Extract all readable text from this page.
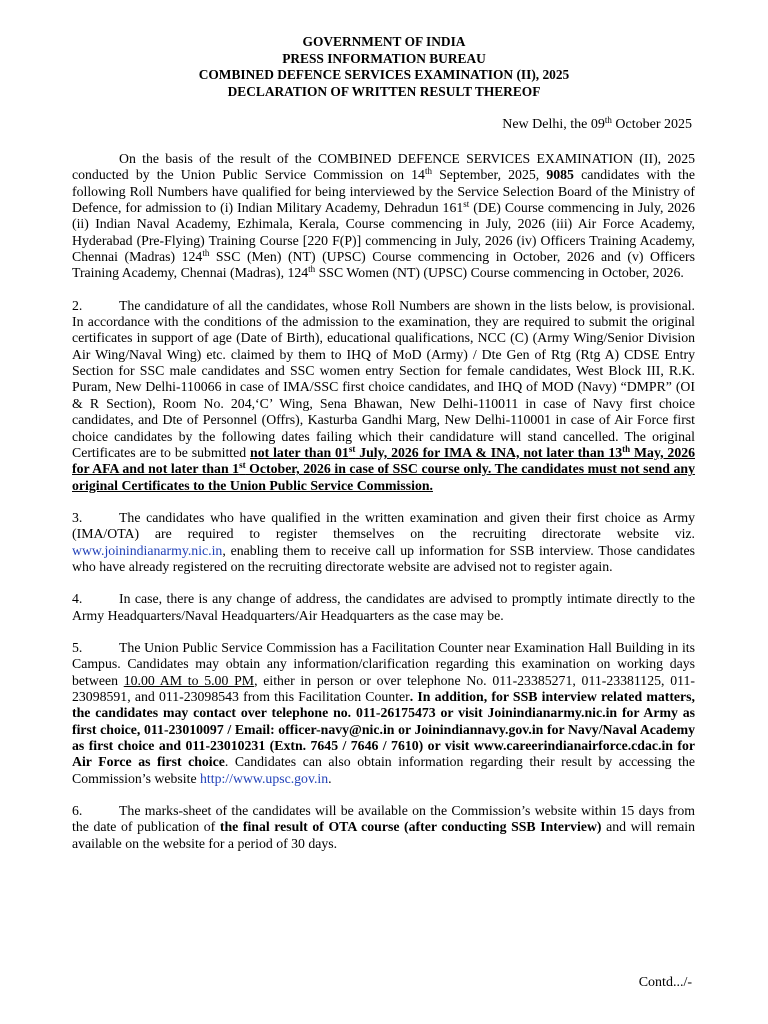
GOVERNMENT OF INDIA
PRESS INFORMATION BUREAU
COMBINED DEFENCE SERVICES EXAMINATION (II), 2025
DECLARATION OF WRITTEN RESULT THEREOF
New Delhi, the 09th October 2025

On the basis of the result of the COMBINED DEFENCE SERVICES EXAMINATION (II), 2025 conducted by the Union Public Service Commission on 14th September, 2025, 9085 candidates with the following Roll Numbers have qualified for being interviewed by the Service Selection Board of the Ministry of Defence, for admission to (i) Indian Military Academy, Dehradun 161st (DE) Course commencing in July, 2026 (ii) Indian Naval Academy, Ezhimala, Kerala, Course commencing in July, 2026 (iii) Air Force Academy, Hyderabad (Pre-Flying) Training Course [220 F(P)] commencing in July, 2026 (iv) Officers Training Academy, Chennai (Madras) 124th SSC (Men) (NT) (UPSC) Course commencing in October, 2026 and (v) Officers Training Academy, Chennai (Madras), 124th SSC Women (NT) (UPSC) Course commencing in October, 2026.

2.	The candidature of all the candidates, whose Roll Numbers are shown in the lists below, is provisional. In accordance with the conditions of the admission to the examination, they are required to submit the original certificates in support of age (Date of Birth), educational qualifications, NCC (C) (Army Wing/Senior Division Air Wing/Naval Wing) etc. claimed by them to IHQ of MoD (Army) / Dte Gen of Rtg (Rtg A) CDSE Entry Section for SSC male candidates and SSC women entry Section for female candidates, West Block III, R.K. Puram, New Delhi-110066 in case of IMA/SSC first choice candidates, and IHQ of MOD (Navy) “DMPR” (OI & R Section), Room No. 204,‘C’ Wing, Sena Bhawan, New Delhi-110011 in case of Navy first choice candidates, and Dte of Personnel (Offrs), Kasturba Gandhi Marg, New Delhi-110001 in case of Air Force first choice candidates by the following dates failing which their candidature will stand cancelled. The original Certificates are to be submitted not later than 01st July, 2026 for IMA & INA, not later than 13th May, 2026 for AFA and not later than 1st October, 2026 in case of SSC course only. The candidates must not send any original Certificates to the Union Public Service Commission.

3.	The candidates who have qualified in the written examination and given their first choice as Army (IMA/OTA) are required to register themselves on the recruiting directorate website viz. www.joinindianarmy.nic.in, enabling them to receive call up information for SSB interview. Those candidates who have already registered on the recruiting directorate website are advised not to register again.

4.	In case, there is any change of address, the candidates are advised to promptly intimate directly to the Army Headquarters/Naval Headquarters/Air Headquarters as the case may be.

5.	The Union Public Service Commission has a Facilitation Counter near Examination Hall Building in its Campus. Candidates may obtain any information/clarification regarding this examination on working days between 10.00 AM to 5.00 PM, either in person or over telephone No. 011-23385271, 011-23381125, 011-23098591, and 011-23098543 from this Facilitation Counter. In addition, for SSB interview related matters, the candidates may contact over telephone no. 011-26175473 or visit Joinindianarmy.nic.in for Army as first choice, 011-23010097 / Email: officer-navy@nic.in or Joinindiannavy.gov.in for Navy/Naval Academy as first choice and 011-23010231 (Extn. 7645 / 7646 / 7610) or visit www.careerindianairforce.cdac.in for Air Force as first choice. Candidates can also obtain information regarding their result by accessing the Commission’s website http://www.upsc.gov.in.

6.	The marks-sheet of the candidates will be available on the Commission’s website within 15 days from the date of publication of the final result of OTA course (after conducting SSB Interview) and will remain available on the website for a period of 30 days.

Contd.../-
